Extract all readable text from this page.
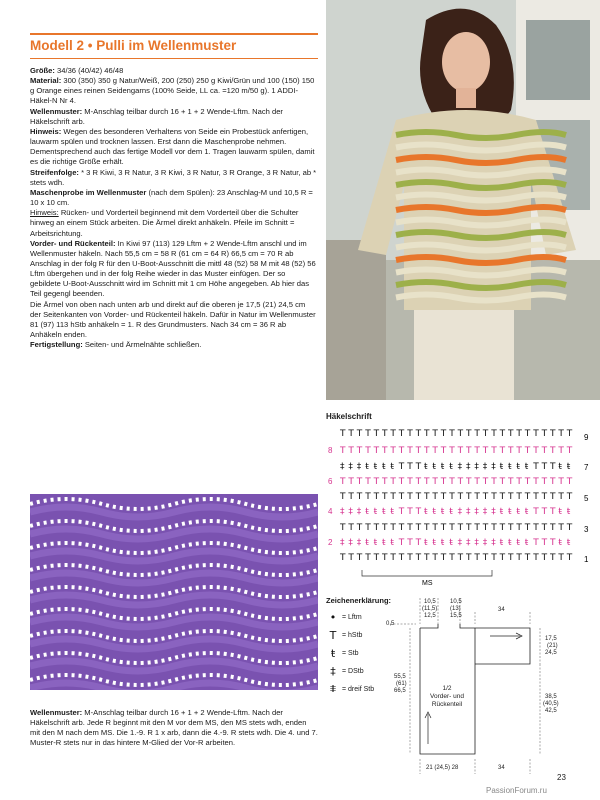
Modell 2 • Pulli im Wellenmuster

Größe: 34/36 (40/42) 46/48

Material: 300 (350) 350 g Natur/Weiß, 200 (250) 250 g Kiwi/Grün und 100 (150) 150 g Orange eines reinen Seidengarns (100% Seide, LL ca. =120 m/50 g). 1 ADDI-Häkel-N Nr 4.

Wellenmuster: M-Anschlag teilbar durch 16 + 1 + 2 Wende-Lftm. Nach der Häkelschrift arb.

Hinweis: Wegen des besonderen Verhaltens von Seide ein Probestück anfertigen, lauwarm spülen und trocknen lassen. Erst dann die Maschenprobe nehmen. Dementsprechend auch das fertige Modell vor dem 1. Tragen lauwarm spülen, damit es die richtige Größe erhält.

Streifenfolge: * 3 R Kiwi, 3 R Natur, 3 R Kiwi, 3 R Natur, 3 R Orange, 3 R Natur, ab * stets wdh.

Maschenprobe im Wellenmuster (nach dem Spülen): 23 Anschlag-M und 10,5 R = 10 x 10 cm.

Hinweis: Rücken- und Vorderteil beginnend mit dem Vorderteil über die Schulter hinweg an einem Stück arbeiten. Die Ärmel direkt anhäkeln. Pfeile im Schnitt = Arbeitsrichtung.

Vorder- und Rückenteil: In Kiwi 97 (113) 129 Lftm + 2 Wende-Lftm anschl und im Wellenmuster häkeln. Nach 55,5 cm = 58 R (61 cm = 64 R) 66,5 cm = 70 R ab Anschlag in der folg R für den U-Boot-Ausschnitt die mittl 48 (52) 58 M mit 48 (52) 56 Lftm übergehen und in der folg Reihe wieder in das Muster einfügen. Der so gebildete U-Boot-Ausschnitt wird im Schnitt mit 1 cm Höhe angegeben. Ab hier das Teil gegengl beenden.

Die Ärmel von oben nach unten arb und direkt auf die oberen je 17,5 (21) 24,5 cm der Seitenkanten von Vorder- und Rückenteil häkeln. Dafür in Natur im Wellenmuster 81 (97) 113 hStb anhäkeln = 1. R des Grundmusters. Nach 34 cm = 36 R ab Anhäkeln enden.

Fertigstellung: Seiten- und Ärmelnähte schließen.

Häkelschrift
T T T T T T T T T T T T T T T T T T T T T T T T T T T T
T T T T T T T T T T T T T T T T T T T T T T T T T T T T
‡ ‡ ‡ ŧ ŧ ŧ ŧ T T T ŧ ŧ ŧ ŧ ‡ ‡ ‡ ‡ ‡ ŧ ŧ ŧ ŧ T T T ŧ ŧ
T T T T T T T T T T T T T T T T T T T T T T T T T T T T
T T T T T T T T T T T T T T T T T T T T T T T T T T T T
‡ ‡ ‡ ŧ ŧ ŧ ŧ T T T ŧ ŧ ŧ ŧ ‡ ‡ ‡ ‡ ‡ ŧ ŧ ŧ ŧ T T T ŧ ŧ
T T T T T T T T T T T T T T T T T T T T T T T T T T T T
‡ ‡ ‡ ŧ ŧ ŧ ŧ T T T ŧ ŧ ŧ ŧ ‡ ‡ ‡ ‡ ‡ ŧ ŧ ŧ ŧ T T T ŧ ŧ
T T T T T T T T T T T T T T T T T T T T T T T T T T T T
9
7
5
3
1
8
6
4
2
MS
Zeichenerklärung:
• = Lftm
T = hStb
ŧ = Stb
‡ = DStb
⩨ = dreif Stb
0,5
10,5 (11,5) 12,5
10,5 (13) 15,5
34
17,5 (21) 24,5
38,5 (40,5) 42,5
55,5 (61) 66,5	1/2 Vorder- und Rückenteil
21 (24,5) 28	34

Wellenmuster: M-Anschlag teilbar durch 16 + 1 + 2 Wende-Lftm. Nach der Häkelschrift arb. Jede R beginnt mit den M vor dem MS, den MS stets wdh, enden mit den M nach dem MS. Die 1.-9. R 1 x arb, dann die 4.-9. R stets wdh. Die 4. und 7. Muster-R stets nur in das hintere M-Glied der Vor-R arbeiten.

23
PassionForum.ru
